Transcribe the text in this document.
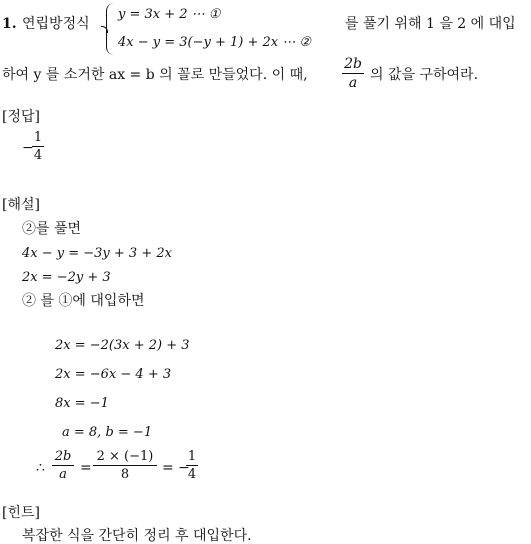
1. 연립방정식
y = 3x + 2 ⋯ ①
4x − y = 3(−y + 1) + 2x ⋯ ②
를 풀기 위해 1 을 2 에 대입
하여 y 를 소거한 ax = b 의 꼴로 만들었다. 이 때,
2b
a 의 값을 구하여라.
[정답]
−
1
4
[해설]
②를 풀면
4x − y = −3y + 3 + 2x
2x = −2y + 3
② 를 ①에 대입하면
2x = −2(3x + 2) + 3
2x = −6x − 4 + 3
8x = −1
a = 8, b = −1
∴
2b
a =
2 × (−1)
8	= −
1
4
[힌트]
복잡한 식을 간단히 정리 후 대입한다.
